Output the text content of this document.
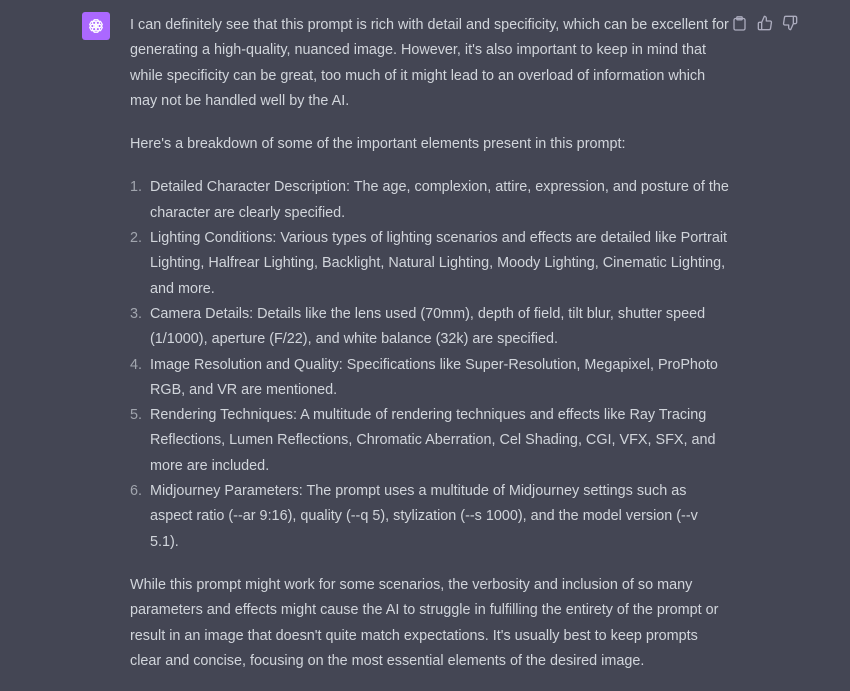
I can definitely see that this prompt is rich with detail and specificity, which can be excellent for generating a high-quality, nuanced image. However, it's also important to keep in mind that while specificity can be great, too much of it might lead to an overload of information which may not be handled well by the AI.

Here's a breakdown of some of the important elements present in this prompt:

1. Detailed Character Description: The age, complexion, attire, expression, and posture of the character are clearly specified.
2. Lighting Conditions: Various types of lighting scenarios and effects are detailed like Portrait Lighting, Halfrear Lighting, Backlight, Natural Lighting, Moody Lighting, Cinematic Lighting, and more.
3. Camera Details: Details like the lens used (70mm), depth of field, tilt blur, shutter speed (1/1000), aperture (F/22), and white balance (32k) are specified.
4. Image Resolution and Quality: Specifications like Super-Resolution, Megapixel, ProPhoto RGB, and VR are mentioned.
5. Rendering Techniques: A multitude of rendering techniques and effects like Ray Tracing Reflections, Lumen Reflections, Chromatic Aberration, Cel Shading, CGI, VFX, SFX, and more are included.
6. Midjourney Parameters: The prompt uses a multitude of Midjourney settings such as aspect ratio (--ar 9:16), quality (--q 5), stylization (--s 1000), and the model version (--v 5.1).

While this prompt might work for some scenarios, the verbosity and inclusion of so many parameters and effects might cause the AI to struggle in fulfilling the entirety of the prompt or result in an image that doesn't quite match expectations. It's usually best to keep prompts clear and concise, focusing on the most essential elements of the desired image.
